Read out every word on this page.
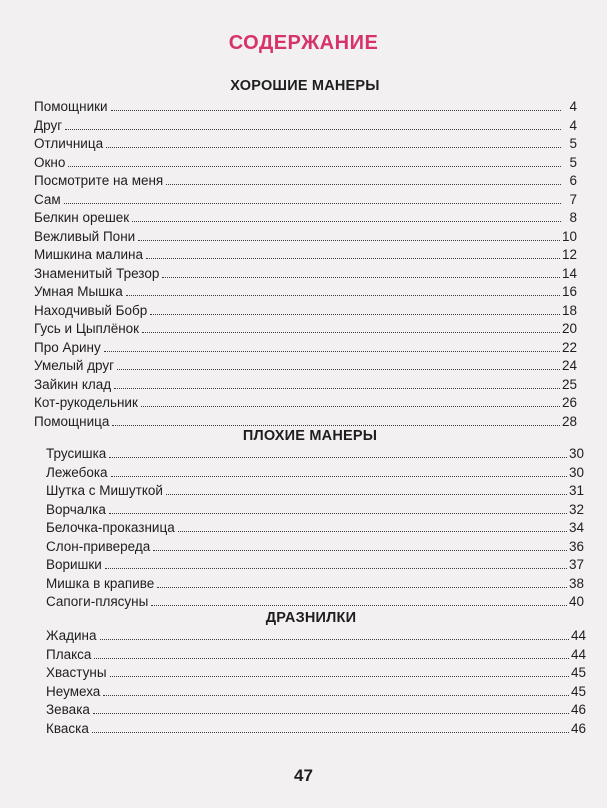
СОДЕРЖАНИЕ
ХОРОШИЕ МАНЕРЫ
Помощники	4
Друг	4
Отличница	5
Окно	5
Посмотрите на меня	6
Сам	7
Белкин орешек	8
Вежливый Пони	10
Мишкина малина	12
Знаменитый Трезор	14
Умная Мышка	16
Находчивый Бобр	18
Гусь и Цыплёнок	20
Про Арину	22
Умелый друг	24
Зайкин клад	25
Кот-рукодельник	26
Помощница	28
ПЛОХИЕ МАНЕРЫ
Трусишка	30
Лежебока	30
Шутка с Мишуткой	31
Ворчалка	32
Белочка-проказница	34
Слон-привереда	36
Воришки	37
Мишка в крапиве	38
Сапоги-плясуны	40
ДРАЗНИЛКИ
Жадина	44
Плакса	44
Хвастуны	45
Неумеха	45
Зевака	46
Кваска	46
47
